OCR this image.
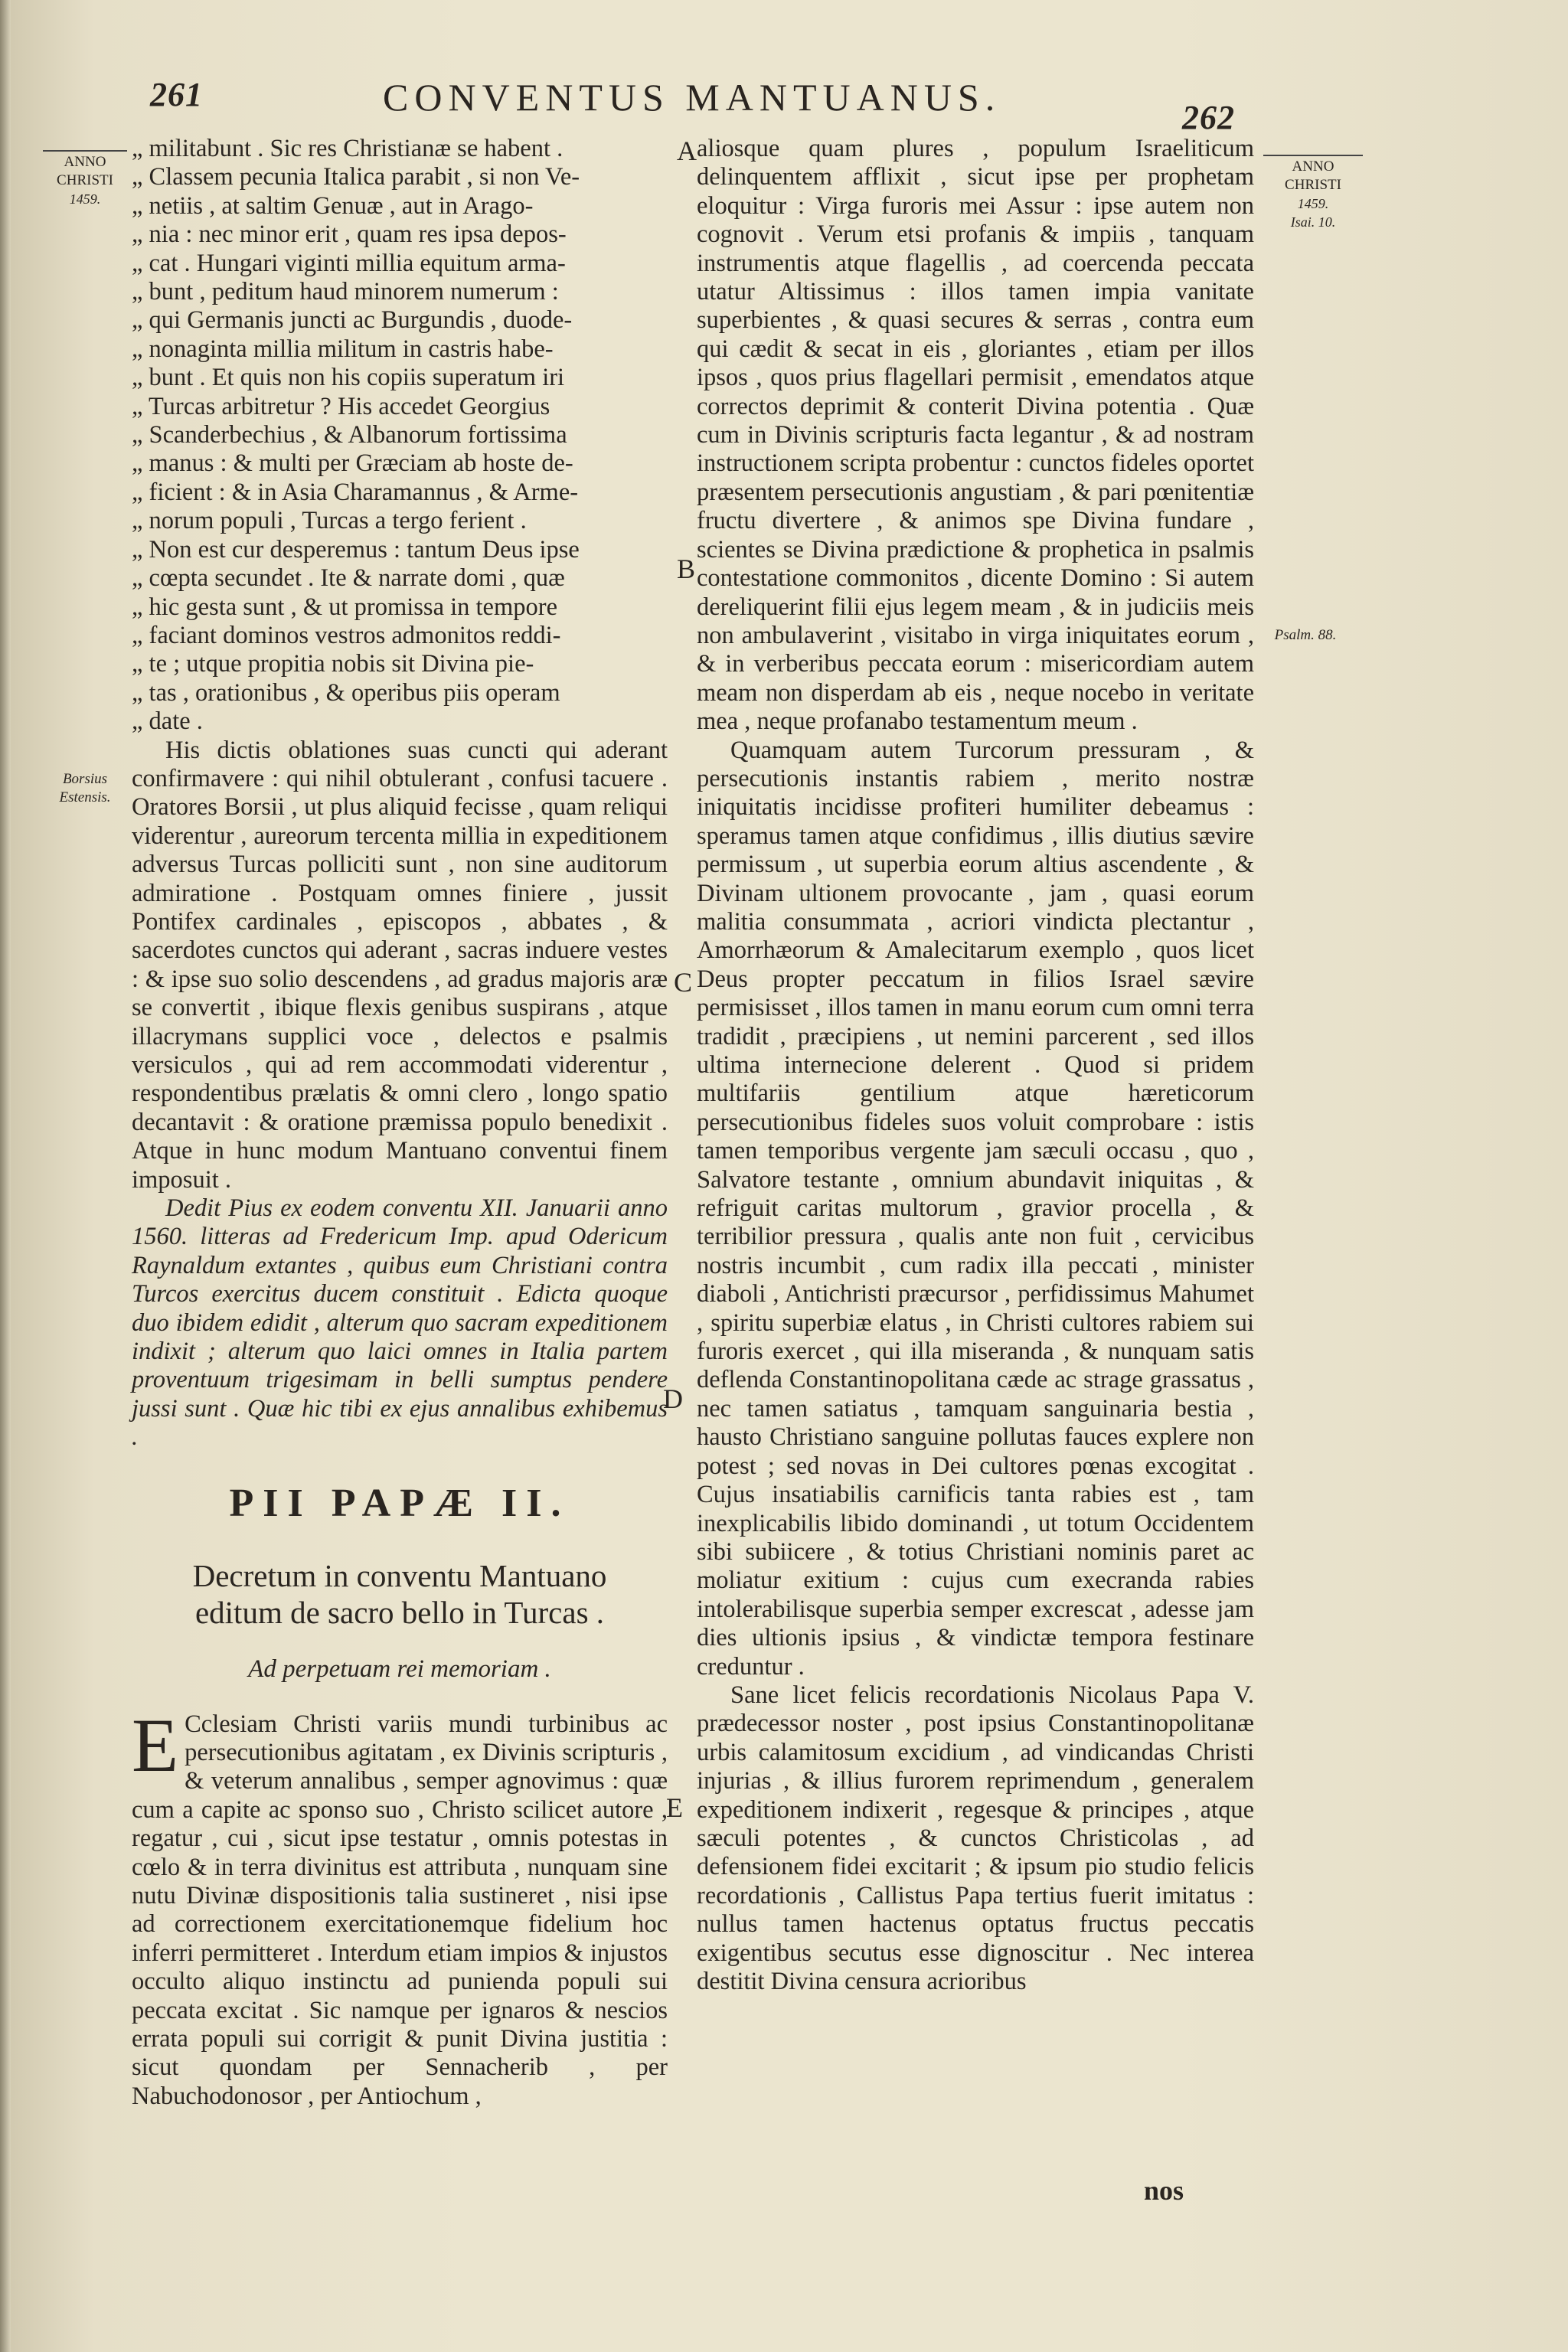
261	CONVENTUS MANTUANUS.	262
ANNO CHRISTI
1459.
Borsius Estensis.
ANNO CHRISTI
1459.
Isai. 10.
Psalm. 88.
A
B
C
D
E

„ militabunt . Sic res Christianæ se habent .

„ Classem pecunia Italica parabit , si non Ve-

„ netiis , at saltim Genuæ , aut in Arago-

„ nia : nec minor erit , quam res ipsa depos-

„ cat . Hungari viginti millia equitum arma-

„ bunt , peditum haud minorem numerum :

„ qui Germanis juncti ac Burgundis , duode-

„ nonaginta millia militum in castris habe-

„ bunt . Et quis non his copiis superatum iri

„ Turcas arbitretur ? His accedet Georgius

„ Scanderbechius , & Albanorum fortissima

„ manus : & multi per Græciam ab hoste de-

„ ficient : & in Asia Charamannus , & Arme-

„ norum populi , Turcas a tergo ferient .

„ Non est cur desperemus : tantum Deus ipse

„ cœpta secundet . Ite & narrate domi , quæ

„ hic gesta sunt , & ut promissa in tempore

„ faciant dominos vestros admonitos reddi-

„ te ; utque propitia nobis sit Divina pie-

„ tas , orationibus , & operibus piis operam

„ date .

His dictis oblationes suas cuncti qui aderant confirmavere : qui nihil obtulerant , confusi tacuere . Oratores Borsii , ut plus aliquid fecisse , quam reliqui viderentur , aureorum tercenta millia in expeditionem adversus Turcas polliciti sunt , non sine auditorum admiratione . Postquam omnes finiere , jussit Pontifex cardinales , episcopos , abbates , & sacerdotes cunctos qui aderant , sacras induere vestes : & ipse suo solio descendens , ad gradus majoris aræ se convertit , ibique flexis genibus suspirans , atque illacrymans supplici voce , delectos e psalmis versiculos , qui ad rem accommodati viderentur , respondentibus prælatis & omni clero , longo spatio decantavit : & oratione præmissa populo benedixit . Atque in hunc modum Mantuano conventui finem imposuit .

Dedit Pius ex eodem conventu XII. Januarii anno 1560. litteras ad Fredericum Imp. apud Odericum Raynaldum extantes , quibus eum Christiani contra Turcos exercitus ducem constituit . Edicta quoque duo ibidem edidit , alterum quo sacram expeditionem indixit ; alterum quo laici omnes in Italia partem proventuum trigesimam in belli sumptus pendere jussi sunt . Quæ hic tibi ex ejus annalibus exhibemus .

PII PAPÆ II.
Decretum in conventu Mantuano editum de sacro bello in Turcas .
Ad perpetuam rei memoriam .

E Cclesiam Christi variis mundi turbinibus ac persecutionibus agitatam , ex Divinis scripturis , & veterum annalibus , semper agnovimus : quæ cum a capite ac sponso suo , Christo scilicet autore , regatur , cui , sicut ipse testatur , omnis potestas in cœlo & in terra divinitus est attributa , nunquam sine nutu Divinæ dispositionis talia sustineret , nisi ipse ad correctionem exercitationemque fidelium hoc inferri permitteret . Interdum etiam impios & injustos occulto aliquo instinctu ad punienda populi sui peccata excitat . Sic namque per ignaros & nescios errata populi sui corrigit & punit Divina justitia : sicut quondam per Sennacherib , per Nabuchodonosor , per Antiochum ,

aliosque quam plures , populum Israeliticum delinquentem afflixit , sicut ipse per prophetam eloquitur : Virga furoris mei Assur : ipse autem non cognovit . Verum etsi profanis & impiis , tanquam instrumentis atque flagellis , ad coercenda peccata utatur Altissimus : illos tamen impia vanitate superbientes , & quasi secures & serras , contra eum qui cædit & secat in eis , gloriantes , etiam per illos ipsos , quos prius flagellari permisit , emendatos atque correctos deprimit & conterit Divina potentia . Quæ cum in Divinis scripturis facta legantur , & ad nostram instructionem scripta probentur : cunctos fideles oportet præsentem persecutionis angustiam , & pari pœnitentiæ fructu divertere , & animos spe Divina fundare , scientes se Divina prædictione & prophetica in psalmis contestatione commonitos , dicente Domino : Si autem dereliquerint filii ejus legem meam , & in judiciis meis non ambulaverint , visitabo in virga iniquitates eorum , & in verberibus peccata eorum : misericordiam autem meam non disperdam ab eis , neque nocebo in veritate mea , neque profanabo testamentum meum .

Quamquam autem Turcorum pressuram , & persecutionis instantis rabiem , merito nostræ iniquitatis incidisse profiteri humiliter debeamus : speramus tamen atque confidimus , illis diutius sævire permissum , ut superbia eorum altius ascendente , & Divinam ultionem provocante , jam , quasi eorum malitia consummata , acriori vindicta plectantur , Amorrhæorum & Amalecitarum exemplo , quos licet Deus propter peccatum in filios Israel sævire permisisset , illos tamen in manu eorum cum omni terra tradidit , præcipiens , ut nemini parcerent , sed illos ultima internecione delerent . Quod si pridem multifariis gentilium atque hæreticorum persecutionibus fideles suos voluit comprobare : istis tamen temporibus vergente jam sæculi occasu , quo , Salvatore testante , omnium abundavit iniquitas , & refriguit caritas multorum , gravior procella , & terribilior pressura , qualis ante non fuit , cervicibus nostris incumbit , cum radix illa peccati , minister diaboli , Antichristi præcursor , perfidissimus Mahumet , spiritu superbiæ elatus , in Christi cultores rabiem sui furoris exercet , qui illa miseranda , & nunquam satis deflenda Constantinopolitana cæde ac strage grassatus , nec tamen satiatus , tamquam sanguinaria bestia , hausto Christiano sanguine pollutas fauces explere non potest ; sed novas in Dei cultores pœnas excogitat . Cujus insatiabilis carnificis tanta rabies est , tam inexplicabilis libido dominandi , ut totum Occidentem sibi subiicere , & totius Christiani nominis paret ac moliatur exitium : cujus cum execranda rabies intolerabilisque superbia semper excrescat , adesse jam dies ultionis ipsius , & vindictæ tempora festinare creduntur .

Sane licet felicis recordationis Nicolaus Papa V. prædecessor noster , post ipsius Constantinopolitanæ urbis calamitosum excidium , ad vindicandas Christi injurias , & illius furorem reprimendum , generalem expeditionem indixerit , regesque & principes , atque sæculi potentes , & cunctos Christicolas , ad defensionem fidei excitarit ; & ipsum pio studio felicis recordationis , Callistus Papa tertius fuerit imitatus : nullus tamen hactenus optatus fructus peccatis exigentibus secutus esse dignoscitur . Nec interea destitit Divina censura acrioribus

nos
